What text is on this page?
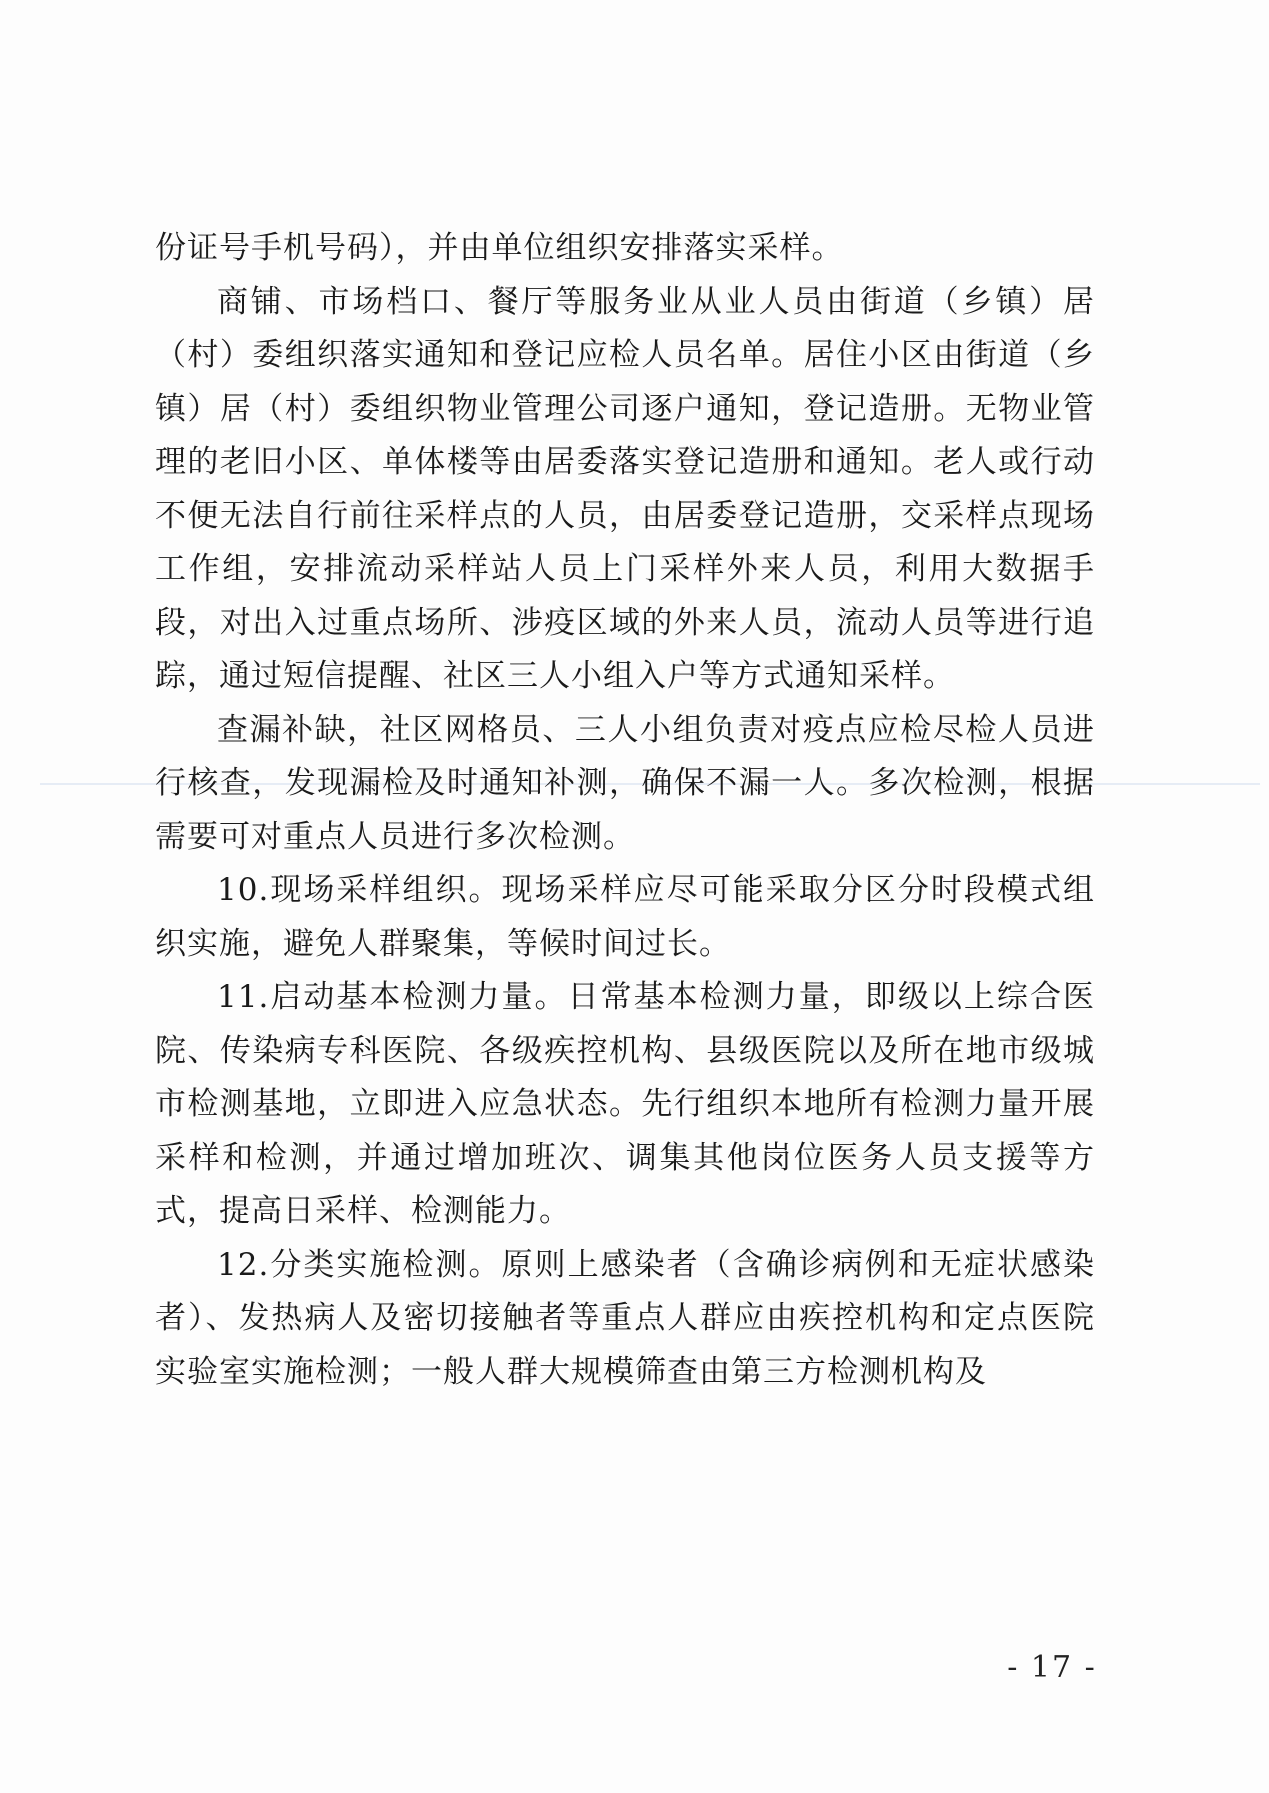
份证号手机号码），并由单位组织安排落实采样。

商铺、市场档口、餐厅等服务业从业人员由街道（乡镇）居（村）委组织落实通知和登记应检人员名单。居住小区由街道（乡镇）居（村）委组织物业管理公司逐户通知，登记造册。无物业管理的老旧小区、单体楼等由居委落实登记造册和通知。老人或行动不便无法自行前往采样点的人员，由居委登记造册，交采样点现场工作组，安排流动采样站人员上门采样外来人员，利用大数据手段，对出入过重点场所、涉疫区域的外来人员，流动人员等进行追踪，通过短信提醒、社区三人小组入户等方式通知采样。

查漏补缺，社区网格员、三人小组负责对疫点应检尽检人员进行核查，发现漏检及时通知补测，确保不漏一人。多次检测，根据需要可对重点人员进行多次检测。

10.现场采样组织。现场采样应尽可能采取分区分时段模式组织实施，避免人群聚集，等候时间过长。

11.启动基本检测力量。日常基本检测力量，即级以上综合医院、传染病专科医院、各级疾控机构、县级医院以及所在地市级城市检测基地，立即进入应急状态。先行组织本地所有检测力量开展采样和检测，并通过增加班次、调集其他岗位医务人员支援等方式，提高日采样、检测能力。

12.分类实施检测。原则上感染者（含确诊病例和无症状感染者）、发热病人及密切接触者等重点人群应由疾控机构和定点医院实验室实施检测；一般人群大规模筛查由第三方检测机构及

- 17 -
